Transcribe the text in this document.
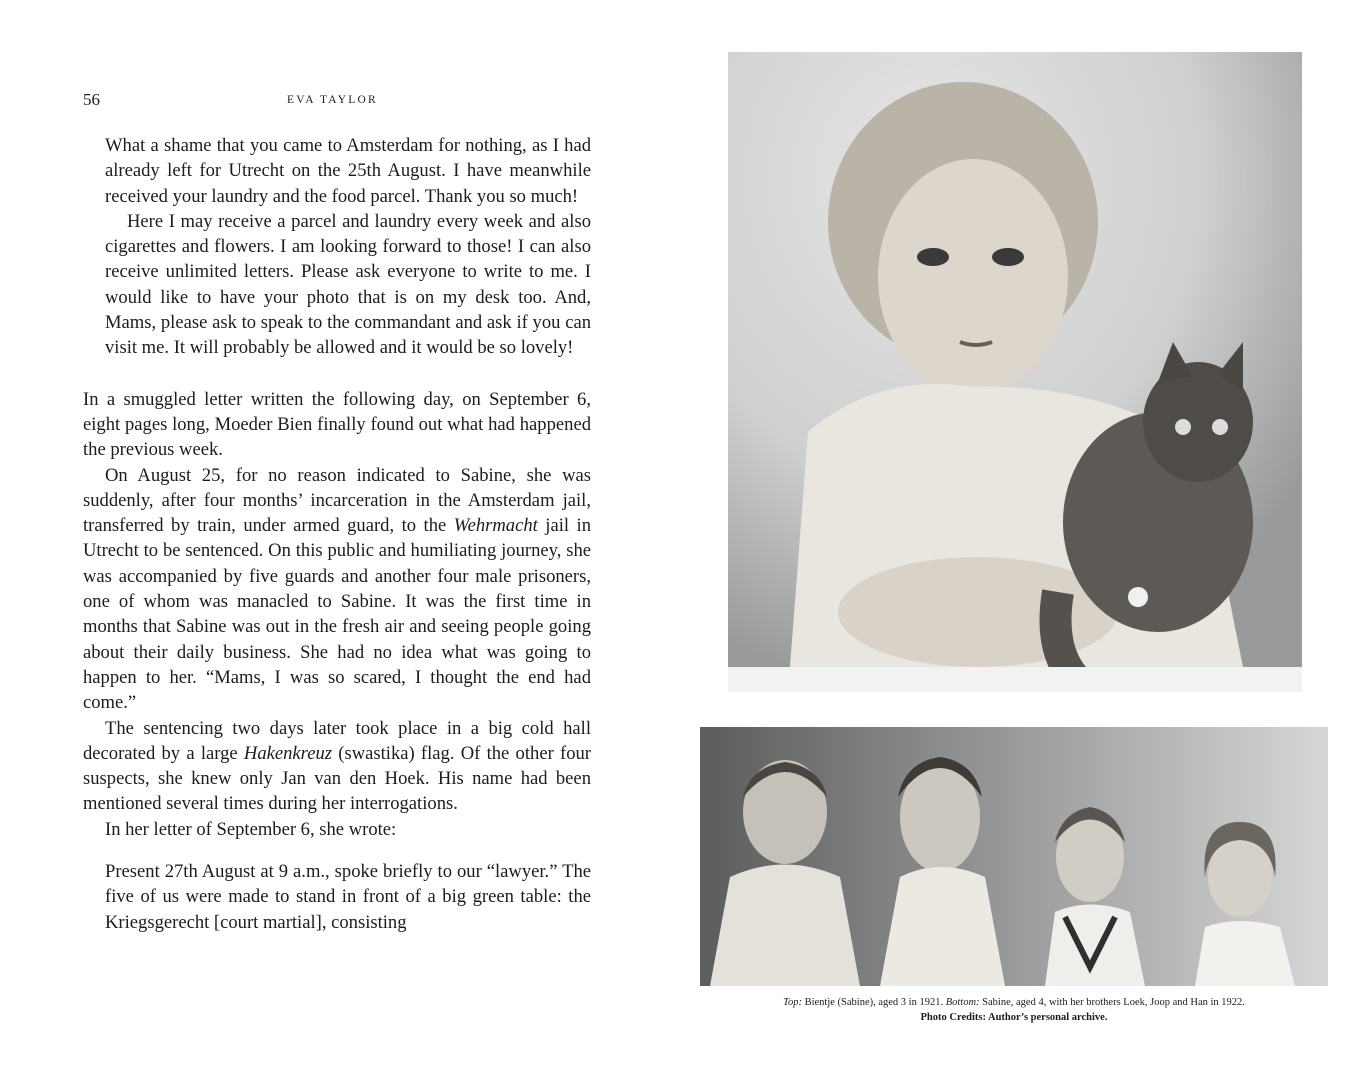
56	EVA TAYLOR

What a shame that you came to Amsterdam for nothing, as I had already left for Utrecht on the 25th August. I have meanwhile received your laundry and the food parcel. Thank you so much!

Here I may receive a parcel and laundry every week and also cigarettes and flowers. I am looking forward to those! I can also receive unlimited letters. Please ask everyone to write to me. I would like to have your photo that is on my desk too. And, Mams, please ask to speak to the commandant and ask if you can visit me. It will probably be allowed and it would be so lovely!

In a smuggled letter written the following day, on September 6, eight pages long, Moeder Bien finally found out what had happened the previous week.

On August 25, for no reason indicated to Sabine, she was suddenly, after four months’ incarceration in the Amsterdam jail, transferred by train, under armed guard, to the Wehrmacht jail in Utrecht to be sentenced. On this public and humiliating journey, she was accompanied by five guards and another four male prisoners, one of whom was manacled to Sabine. It was the first time in months that Sabine was out in the fresh air and seeing people going about their daily business. She had no idea what was going to happen to her. “Mams, I was so scared, I thought the end had come.”

The sentencing two days later took place in a big cold hall decorated by a large Hakenkreuz (swastika) flag. Of the other four suspects, she knew only Jan van den Hoek. His name had been mentioned several times during her interrogations.

In her letter of September 6, she wrote:

Present 27th August at 9 a.m., spoke briefly to our “lawyer.” The five of us were made to stand in front of a big green table: the Kriegsgerecht [court martial], consisting

Top: Bientje (Sabine), aged 3 in 1921. Bottom: Sabine, aged 4, with her brothers Loek, Joop and Han in 1922.
Photo Credits: Author’s personal archive.
